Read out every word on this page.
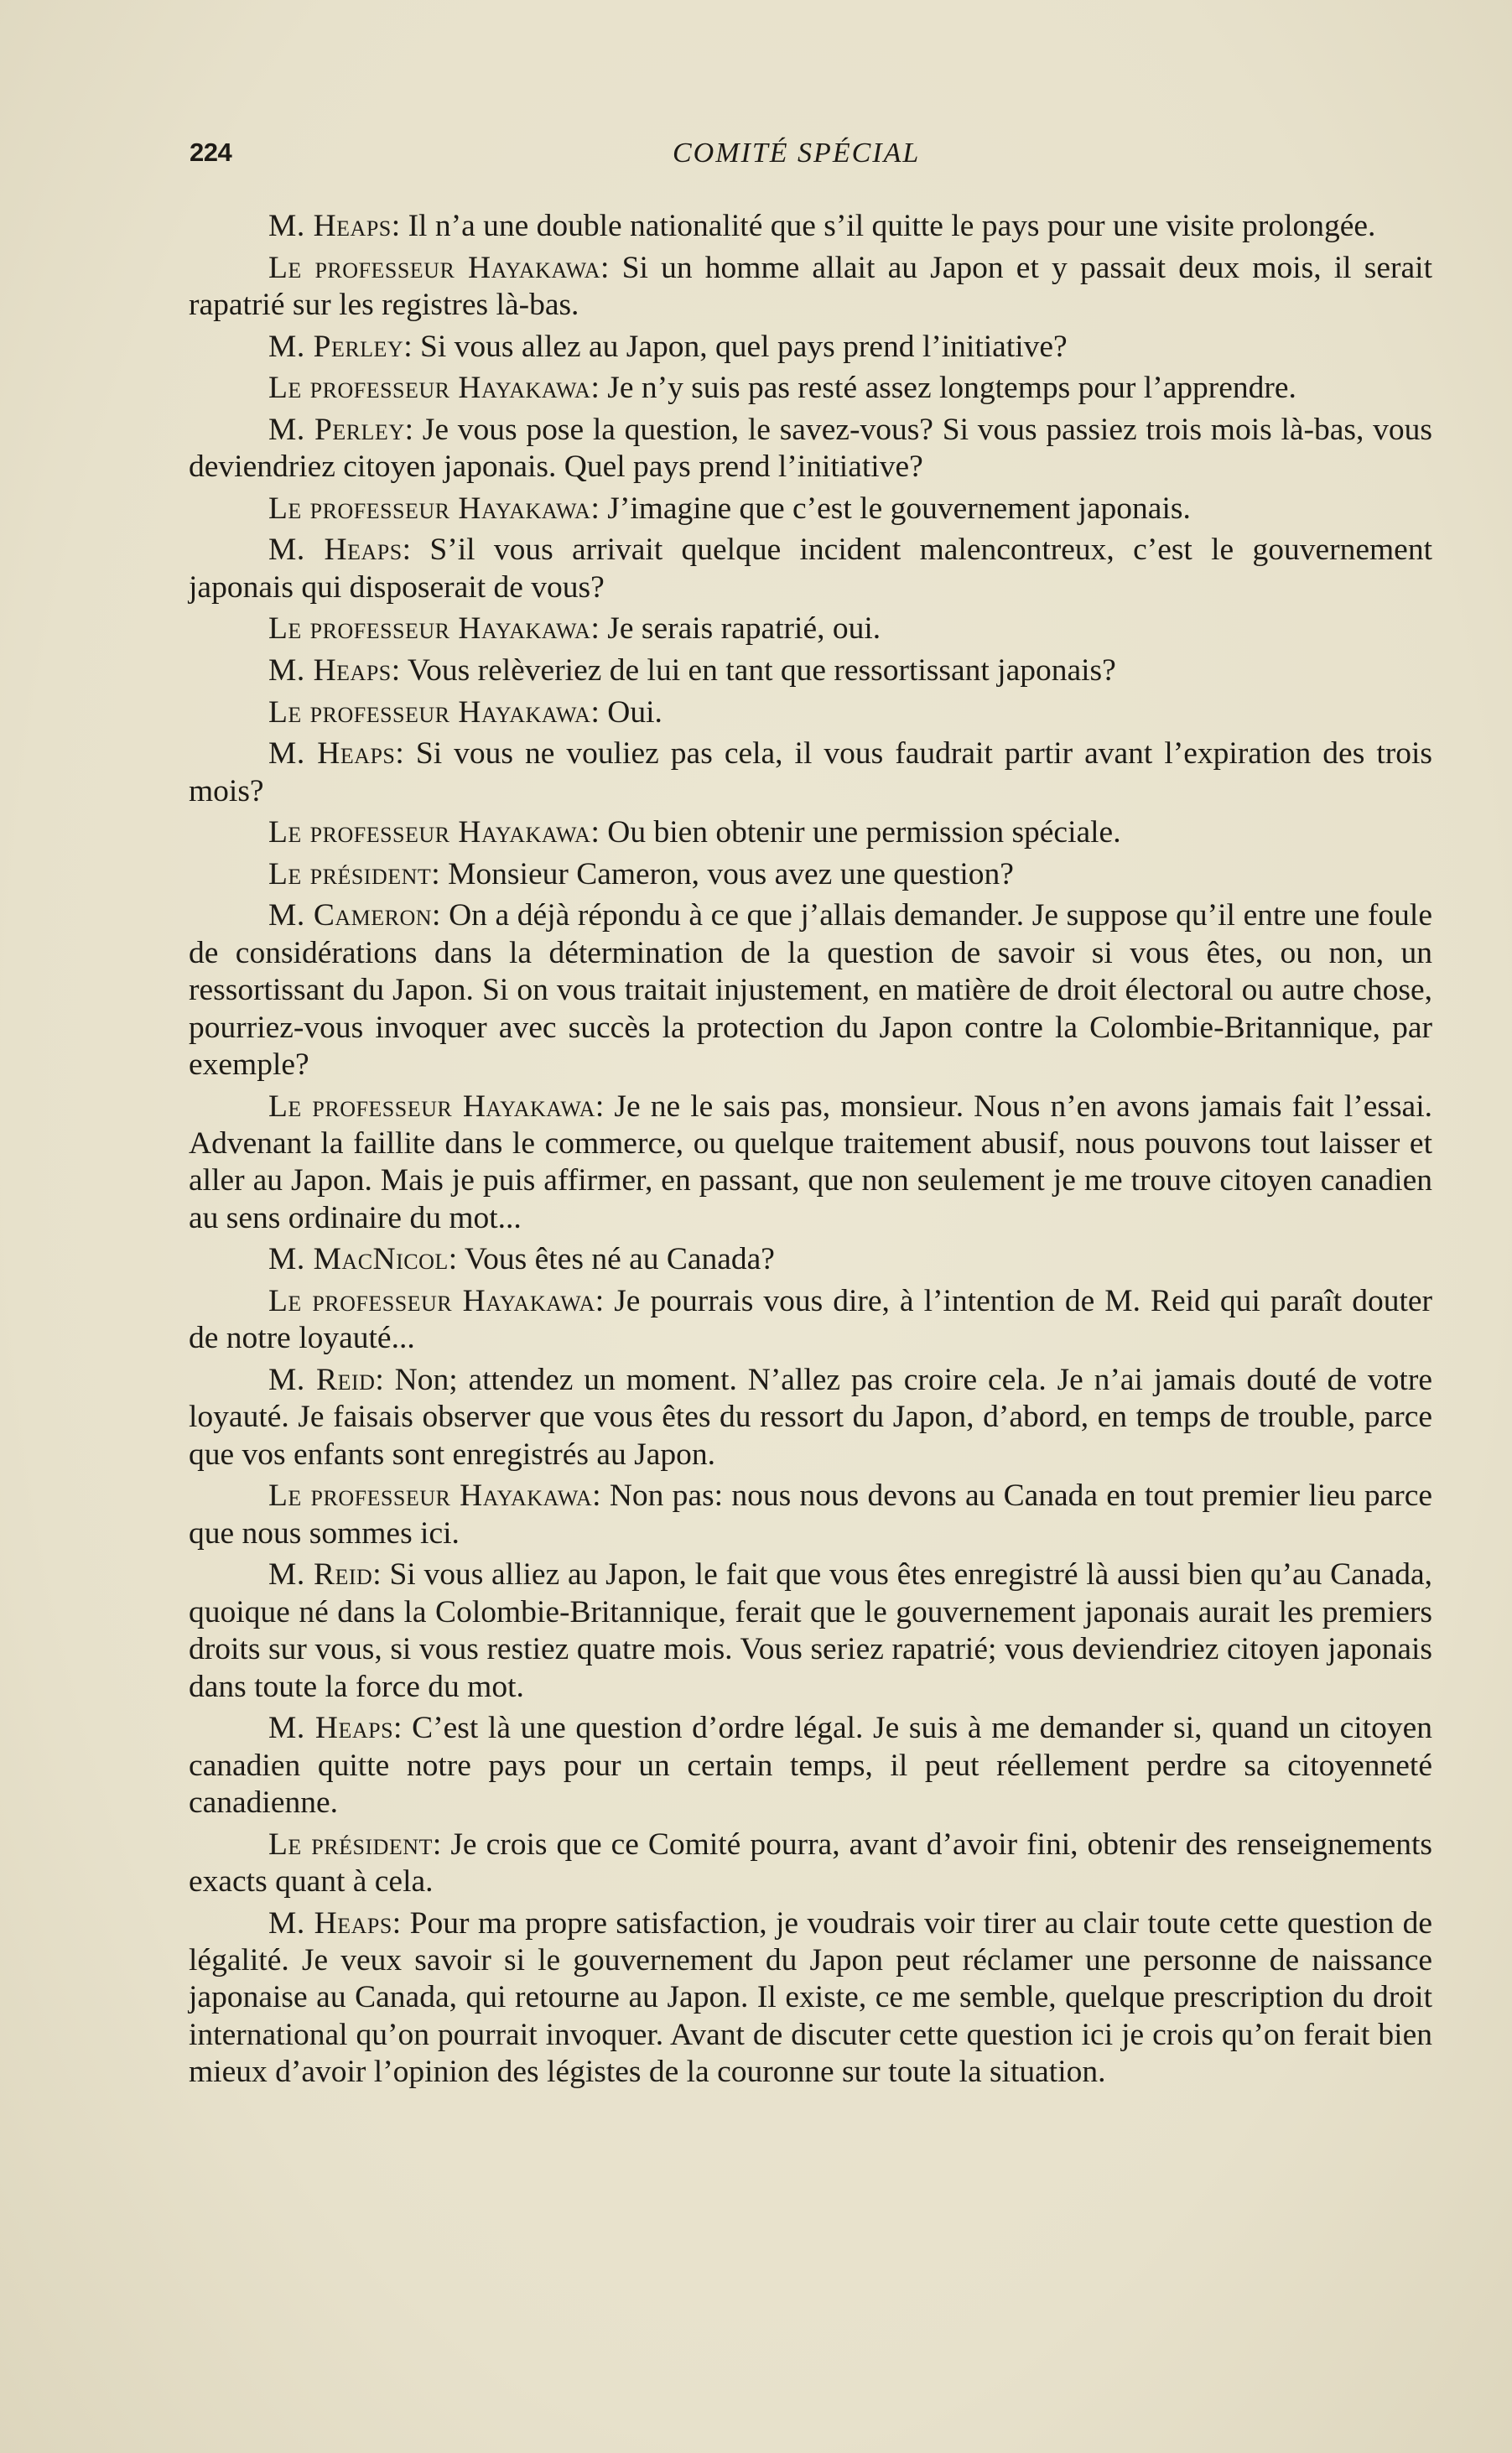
224	COMITÉ SPÉCIAL

M. Heaps: Il n’a une double nationalité que s’il quitte le pays pour une visite prolongée.

Le professeur Hayakawa: Si un homme allait au Japon et y passait deux mois, il serait rapatrié sur les registres là-bas.

M. Perley: Si vous allez au Japon, quel pays prend l’initiative?

Le professeur Hayakawa: Je n’y suis pas resté assez longtemps pour l’apprendre.

M. Perley: Je vous pose la question, le savez-vous? Si vous passiez trois mois là-bas, vous deviendriez citoyen japonais. Quel pays prend l’initiative?

Le professeur Hayakawa: J’imagine que c’est le gouvernement japonais.

M. Heaps: S’il vous arrivait quelque incident malencontreux, c’est le gouvernement japonais qui disposerait de vous?

Le professeur Hayakawa: Je serais rapatrié, oui.

M. Heaps: Vous relèveriez de lui en tant que ressortissant japonais?

Le professeur Hayakawa: Oui.

M. Heaps: Si vous ne vouliez pas cela, il vous faudrait partir avant l’expiration des trois mois?

Le professeur Hayakawa: Ou bien obtenir une permission spéciale.

Le président: Monsieur Cameron, vous avez une question?

M. Cameron: On a déjà répondu à ce que j’allais demander. Je suppose qu’il entre une foule de considérations dans la détermination de la question de savoir si vous êtes, ou non, un ressortissant du Japon. Si on vous traitait injustement, en matière de droit électoral ou autre chose, pourriez-vous invoquer avec succès la protection du Japon contre la Colombie-Britannique, par exemple?

Le professeur Hayakawa: Je ne le sais pas, monsieur. Nous n’en avons jamais fait l’essai. Advenant la faillite dans le commerce, ou quelque traitement abusif, nous pouvons tout laisser et aller au Japon. Mais je puis affirmer, en passant, que non seulement je me trouve citoyen canadien au sens ordinaire du mot...

M. MacNicol: Vous êtes né au Canada?

Le professeur Hayakawa: Je pourrais vous dire, à l’intention de M. Reid qui paraît douter de notre loyauté...

M. Reid: Non; attendez un moment. N’allez pas croire cela. Je n’ai jamais douté de votre loyauté. Je faisais observer que vous êtes du ressort du Japon, d’abord, en temps de trouble, parce que vos enfants sont enregistrés au Japon.

Le professeur Hayakawa: Non pas: nous nous devons au Canada en tout premier lieu parce que nous sommes ici.

M. Reid: Si vous alliez au Japon, le fait que vous êtes enregistré là aussi bien qu’au Canada, quoique né dans la Colombie-Britannique, ferait que le gouvernement japonais aurait les premiers droits sur vous, si vous restiez quatre mois. Vous seriez rapatrié; vous deviendriez citoyen japonais dans toute la force du mot.

M. Heaps: C’est là une question d’ordre légal. Je suis à me demander si, quand un citoyen canadien quitte notre pays pour un certain temps, il peut réellement perdre sa citoyenneté canadienne.

Le président: Je crois que ce Comité pourra, avant d’avoir fini, obtenir des renseignements exacts quant à cela.

M. Heaps: Pour ma propre satisfaction, je voudrais voir tirer au clair toute cette question de légalité. Je veux savoir si le gouvernement du Japon peut réclamer une personne de naissance japonaise au Canada, qui retourne au Japon. Il existe, ce me semble, quelque prescription du droit international qu’on pourrait invoquer. Avant de discuter cette question ici je crois qu’on ferait bien mieux d’avoir l’opinion des légistes de la couronne sur toute la situation.
